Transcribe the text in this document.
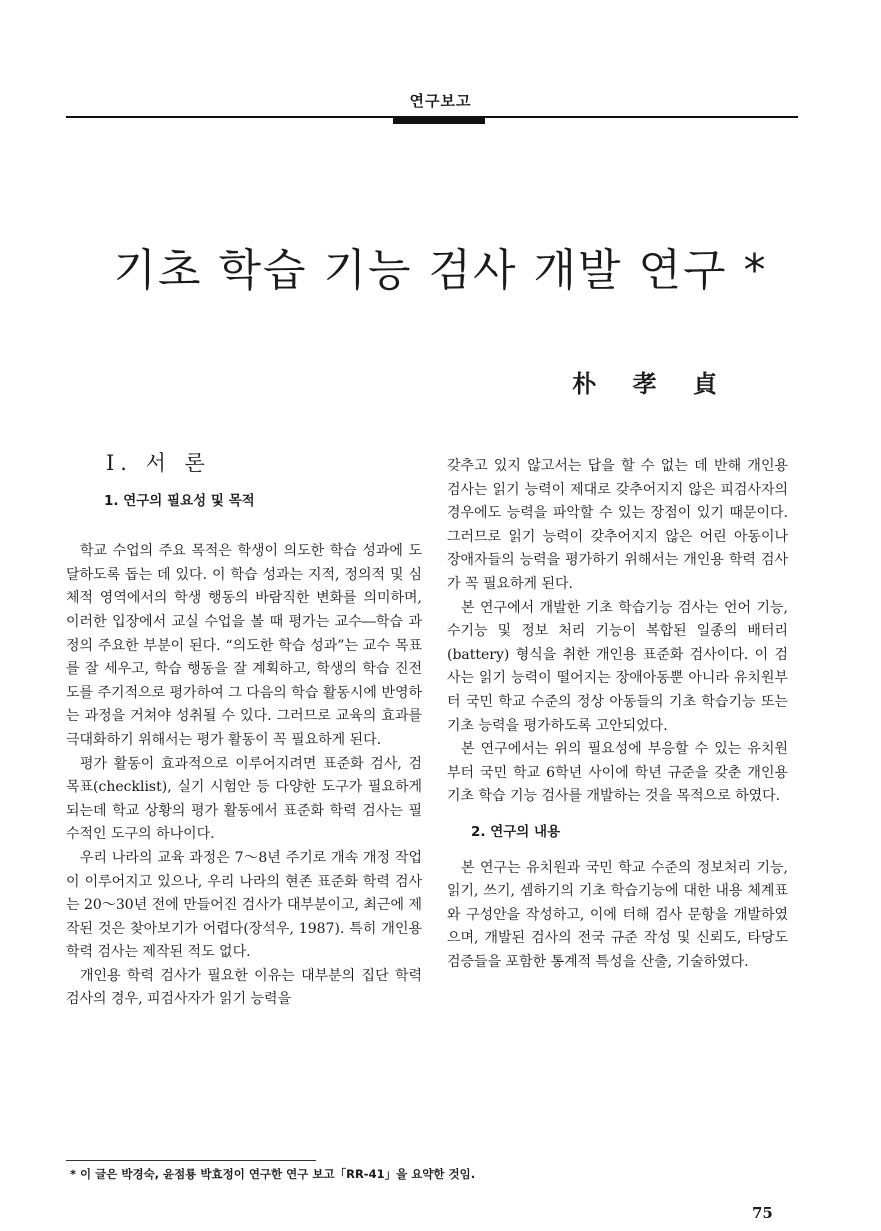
연구보고
기초 학습 기능 검사 개발 연구 *
朴 孝 貞
Ⅰ. 서 론
1. 연구의 필요성 및 목적

학교 수업의 주요 목적은 학생이 의도한 학습 성과에 도달하도록 돕는 데 있다. 이 학습 성과는 지적, 정의적 및 심체적 영역에서의 학생 행동의 바람직한 변화를 의미하며, 이러한 입장에서 교실 수업을 볼 때 평가는 교수―학습 과정의 주요한 부분이 된다. “의도한 학습 성과”는 교수 목표를 잘 세우고, 학습 행동을 잘 계획하고, 학생의 학습 진전도를 주기적으로 평가하여 그 다음의 학습 활동시에 반영하는 과정을 거쳐야 성취될 수 있다. 그러므로 교육의 효과를 극대화하기 위해서는 평가 활동이 꼭 필요하게 된다.

평가 활동이 효과적으로 이루어지려면 표준화 검사, 검목표(checklist), 실기 시험안 등 다양한 도구가 필요하게 되는데 학교 상황의 평가 활동에서 표준화 학력 검사는 필수적인 도구의 하나이다.

우리 나라의 교육 과정은 7～8년 주기로 개속 개정 작업이 이루어지고 있으나, 우리 나라의 현존 표준화 학력 검사는 20～30년 전에 만들어진 검사가 대부분이고, 최근에 제작된 것은 찾아보기가 어렵다(장석우, 1987). 특히 개인용 학력 검사는 제작된 적도 없다.

개인용 학력 검사가 필요한 이유는 대부분의 집단 학력 검사의 경우, 피검사자가 읽기 능력을

갖추고 있지 않고서는 답을 할 수 없는 데 반해 개인용 검사는 읽기 능력이 제대로 갖추어지지 않은 피검사자의 경우에도 능력을 파악할 수 있는 장점이 있기 때문이다. 그러므로 읽기 능력이 갖추어지지 않은 어린 아동이나 장애자들의 능력을 평가하기 위해서는 개인용 학력 검사가 꼭 필요하게 된다.

본 연구에서 개발한 기초 학습기능 검사는 언어 기능, 수기능 및 정보 처리 기능이 복합된 일종의 배터리(battery) 형식을 취한 개인용 표준화 검사이다. 이 검사는 읽기 능력이 떨어지는 장애아동뿐 아니라 유치원부터 국민 학교 수준의 정상 아동들의 기초 학습기능 또는 기초 능력을 평가하도록 고안되었다.

본 연구에서는 위의 필요성에 부응할 수 있는 유치원부터 국민 학교 6학년 사이에 학년 규준을 갖춘 개인용 기초 학습 기능 검사를 개발하는 것을 목적으로 하였다.

2. 연구의 내용

본 연구는 유치원과 국민 학교 수준의 정보처리 기능, 읽기, 쓰기, 셈하기의 기초 학습기능에 대한 내용 체계표와 구성안을 작성하고, 이에 터해 검사 문항을 개발하였으며, 개발된 검사의 전국 규준 작성 및 신뢰도, 타당도 검증들을 포함한 통계적 특성을 산출, 기술하였다.

* 이 글은 박경숙, 윤점룡 박효정이 연구한 연구 보고「RR-41」을 요약한 것임.
75
